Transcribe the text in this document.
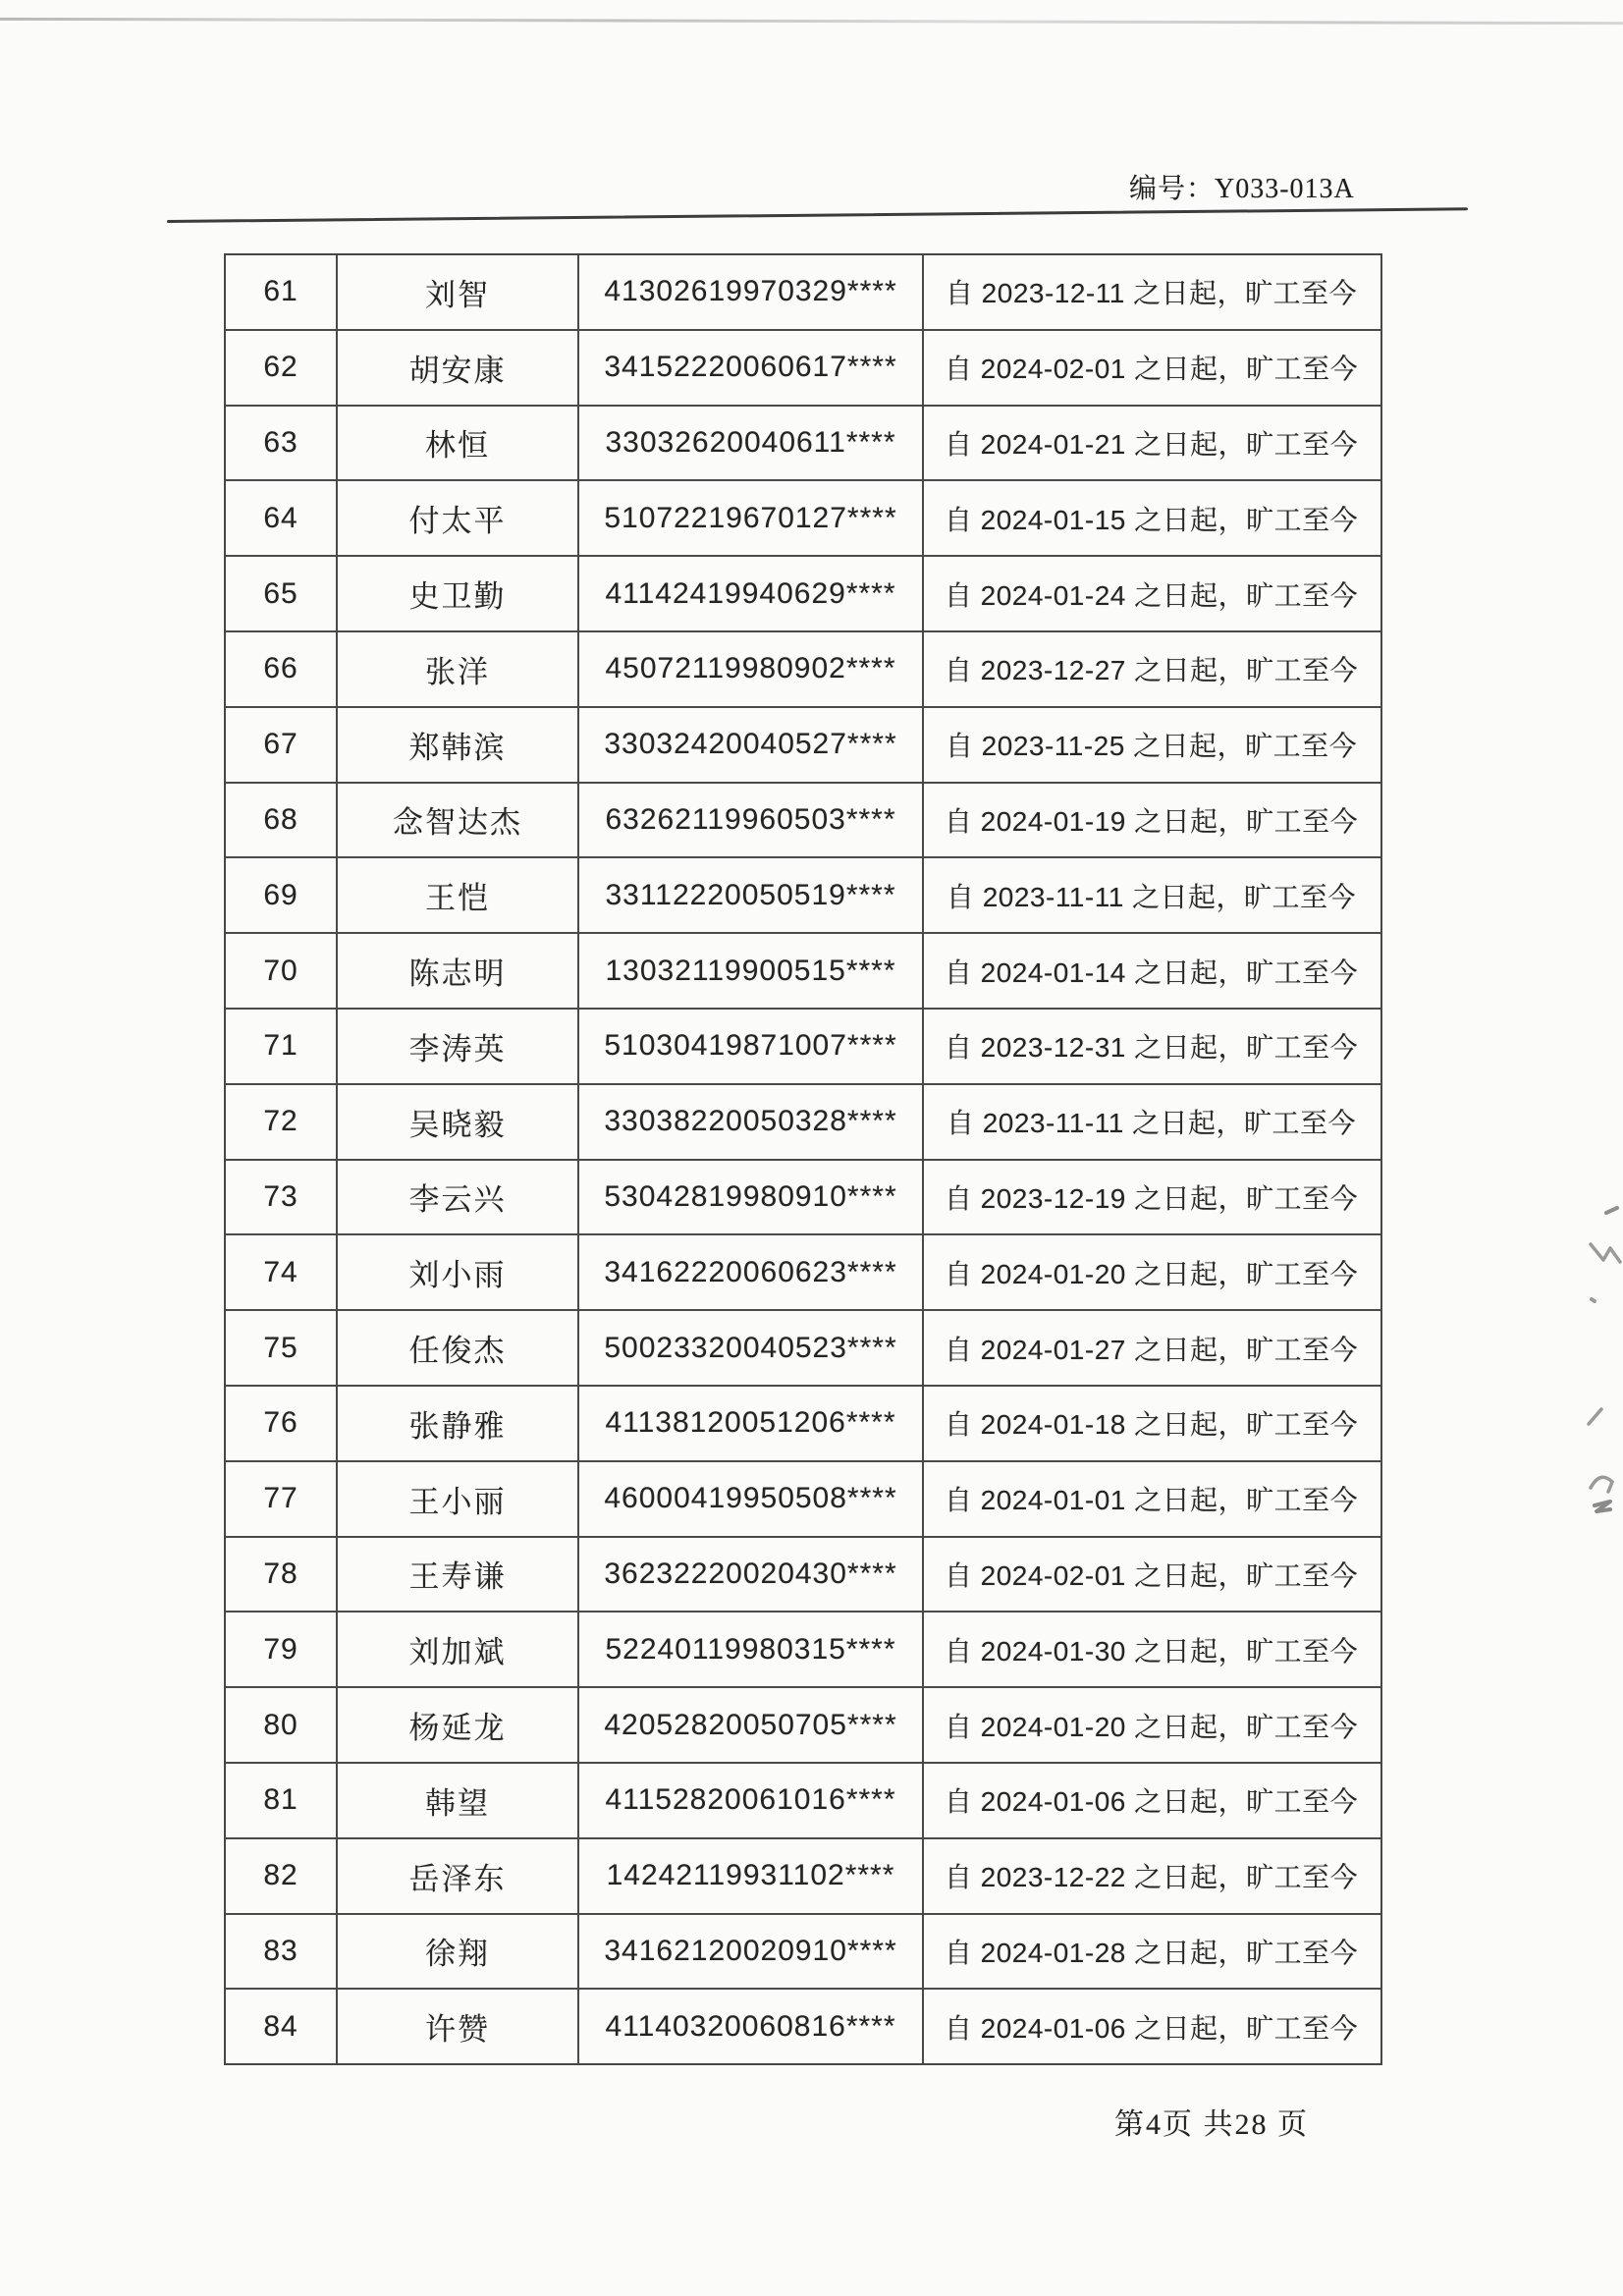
编号：Y033-013A
61	刘智	41302619970329****	自 2023-12-11 之日起，旷工至今
62	胡安康	34152220060617****	自 2024-02-01 之日起，旷工至今
63	林恒	33032620040611****	自 2024-01-21 之日起，旷工至今
64	付太平	51072219670127****	自 2024-01-15 之日起，旷工至今
65	史卫勤	41142419940629****	自 2024-01-24 之日起，旷工至今
66	张洋	45072119980902****	自 2023-12-27 之日起，旷工至今
67	郑韩滨	33032420040527****	自 2023-11-25 之日起，旷工至今
68	念智达杰	63262119960503****	自 2024-01-19 之日起，旷工至今
69	王恺	33112220050519****	自 2023-11-11 之日起，旷工至今
70	陈志明	13032119900515****	自 2024-01-14 之日起，旷工至今
71	李涛英	51030419871007****	自 2023-12-31 之日起，旷工至今
72	吴晓毅	33038220050328****	自 2023-11-11 之日起，旷工至今
73	李云兴	53042819980910****	自 2023-12-19 之日起，旷工至今
74	刘小雨	34162220060623****	自 2024-01-20 之日起，旷工至今
75	任俊杰	50023320040523****	自 2024-01-27 之日起，旷工至今
76	张静雅	41138120051206****	自 2024-01-18 之日起，旷工至今
77	王小丽	46000419950508****	自 2024-01-01 之日起，旷工至今
78	王寿谦	36232220020430****	自 2024-02-01 之日起，旷工至今
79	刘加斌	52240119980315****	自 2024-01-30 之日起，旷工至今
80	杨延龙	42052820050705****	自 2024-01-20 之日起，旷工至今
81	韩望	41152820061016****	自 2024-01-06 之日起，旷工至今
82	岳泽东	14242119931102****	自 2023-12-22 之日起，旷工至今
83	徐翔	34162120020910****	自 2024-01-28 之日起，旷工至今
84	许赞	41140320060816****	自 2024-01-06 之日起，旷工至今
第4页 共28 页
